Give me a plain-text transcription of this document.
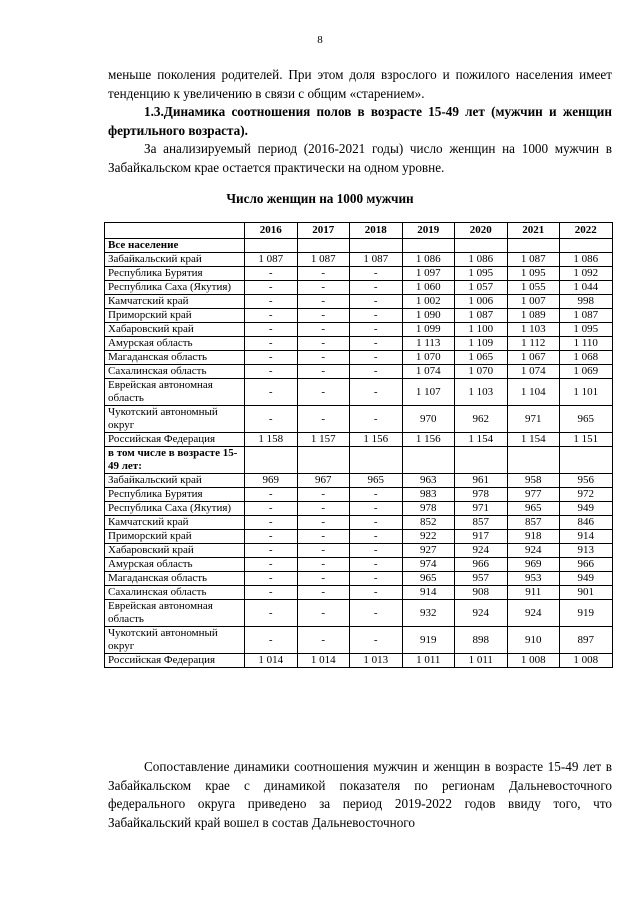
8

меньше поколения родителей. При этом доля взрослого и пожилого населения имеет тенденцию к увеличению в связи с общим «старением».

1.3.Динамика соотношения полов в возрасте 15-49 лет (мужчин и женщин фертильного возраста).

За анализируемый период (2016-2021 годы) число женщин на 1000 мужчин в Забайкальском крае остается практически на одном уровне.

Число женщин на 1000 мужчин
	2016	2017	2018	2019	2020	2021	2022
Все население							
Забайкальский край	1 087	1 087	1 087	1 086	1 086	1 087	1 086
Республика Бурятия	-	-	-	1 097	1 095	1 095	1 092
Республика Саха (Якутия)	-	-	-	1 060	1 057	1 055	1 044
Камчатский край	-	-	-	1 002	1 006	1 007	998
Приморский край	-	-	-	1 090	1 087	1 089	1 087
Хабаровский край	-	-	-	1 099	1 100	1 103	1 095
Амурская область	-	-	-	1 113	1 109	1 112	1 110
Магаданская область	-	-	-	1 070	1 065	1 067	1 068
Сахалинская область	-	-	-	1 074	1 070	1 074	1 069
Еврейская автономная область	-	-	-	1 107	1 103	1 104	1 101
Чукотский автономный округ	-	-	-	970	962	971	965
Российская Федерация	1 158	1 157	1 156	1 156	1 154	1 154	1 151
в том числе в возрасте 15-49 лет:							
Забайкальский край	969	967	965	963	961	958	956
Республика Бурятия	-	-	-	983	978	977	972
Республика Саха (Якутия)	-	-	-	978	971	965	949
Камчатский край	-	-	-	852	857	857	846
Приморский край	-	-	-	922	917	918	914
Хабаровский край	-	-	-	927	924	924	913
Амурская область	-	-	-	974	966	969	966
Магаданская область	-	-	-	965	957	953	949
Сахалинская область	-	-	-	914	908	911	901
Еврейская автономная область	-	-	-	932	924	924	919
Чукотский автономный округ	-	-	-	919	898	910	897
Российская Федерация	1 014	1 014	1 013	1 011	1 011	1 008	1 008

Сопоставление динамики соотношения мужчин и женщин в возрасте 15-49 лет в Забайкальском крае с динамикой показателя по регионам Дальневосточного федерального округа приведено за период 2019-2022 годов ввиду того, что Забайкальский край вошел в состав Дальневосточного
